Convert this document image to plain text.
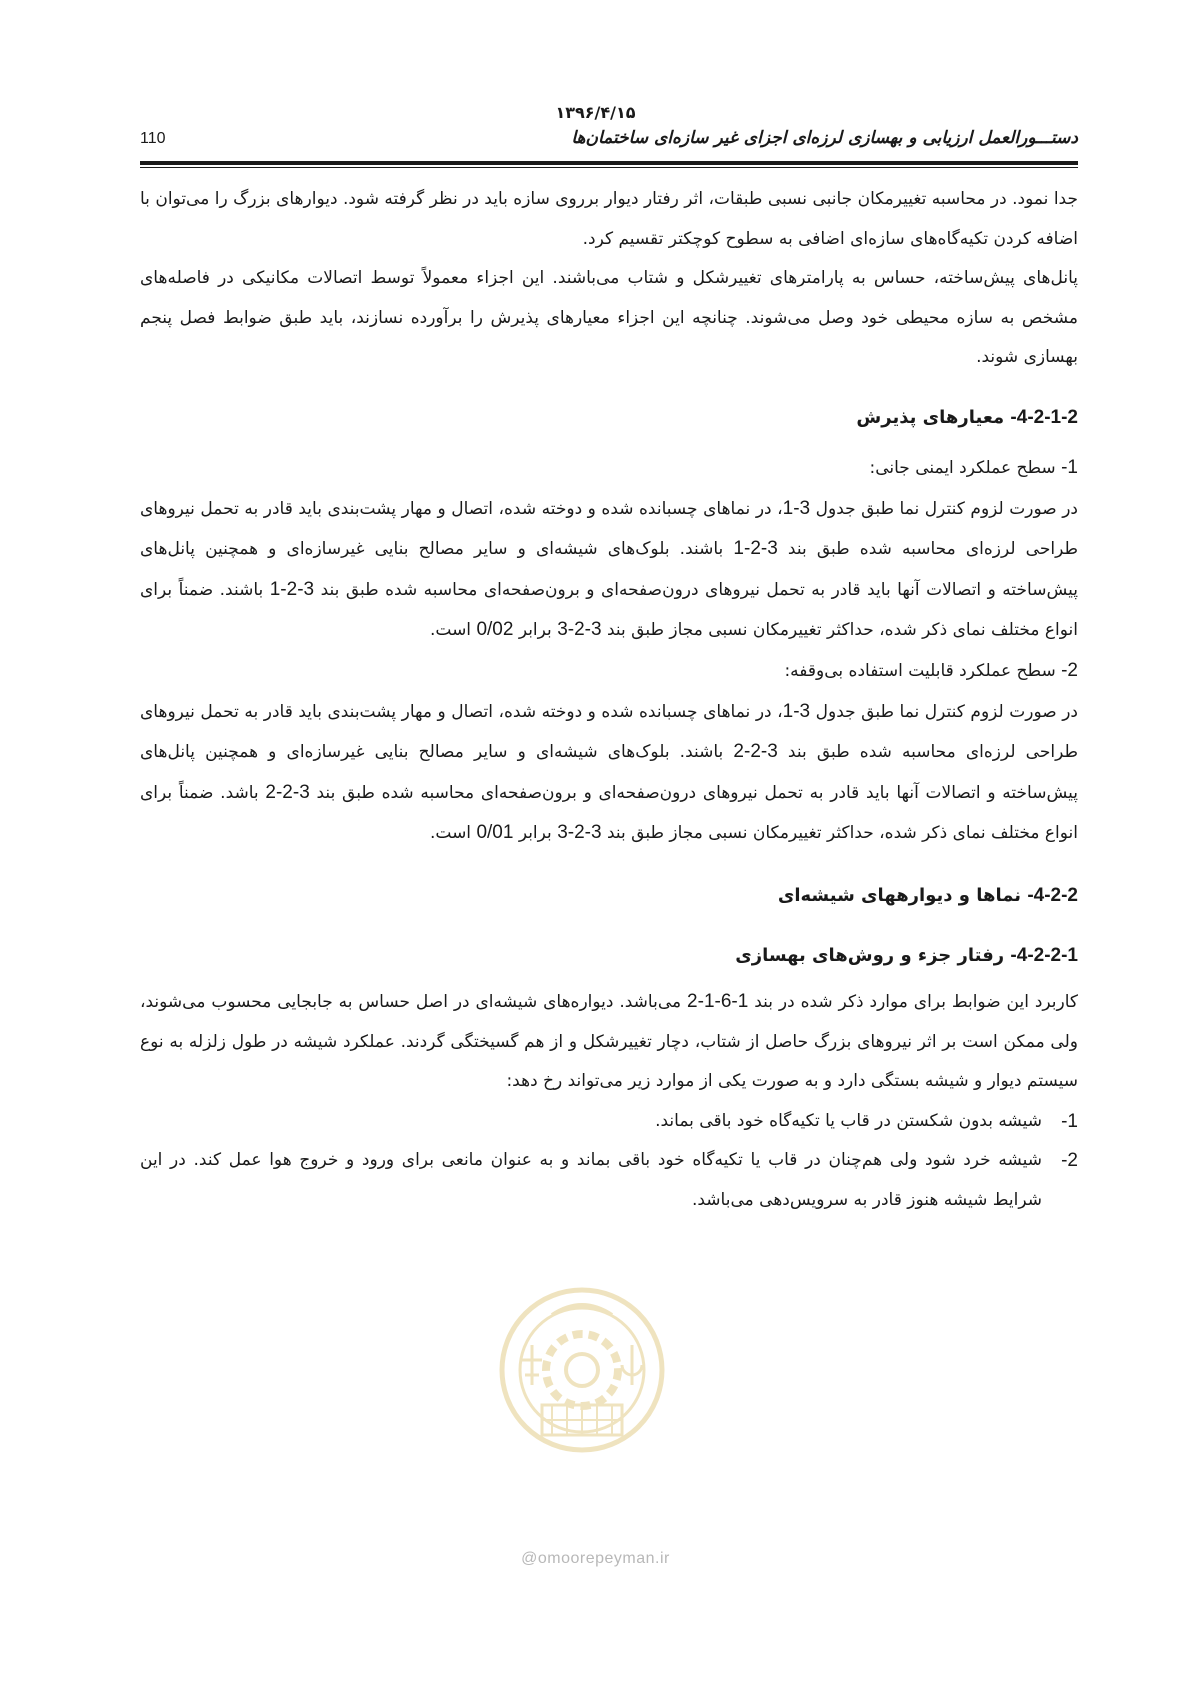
۱۳۹۶/۴/۱۵
دستـــورالعمل ارزیابی و بهسازی لرزه‌ای اجزای غیر سازه‌ای ساختمان‌ها
110

جدا نمود. در محاسبه تغییرمکان جانبی نسبی طبقات، اثر رفتار دیوار برروی سازه باید در نظر گرفته شود. دیوارهای بزرگ را می‌توان با اضافه کردن تکیه‌گاه‌های سازه‌ای اضافی به سطوح کوچکتر تقسیم کرد.

پانل‌های پیش‌ساخته، حساس به پارامترهای تغییرشکل و شتاب می‌باشند. این اجزاء معمولاً توسط اتصالات مکانیکی در فاصله‌های مشخص به سازه محیطی خود وصل می‌شوند. چنانچه این اجزاء معیارهای پذیرش را برآورده نسازند، باید طبق ضوابط فصل پنجم بهسازی شوند.

4-2-1-2- معیارهای پذیرش

1- سطح عملکرد ایمنی جانی:

در صورت لزوم کنترل نما طبق جدول 3-1، در نماهای چسبانده شده و دوخته شده، اتصال و مهار پشت‌بندی باید قادر به تحمل نیروهای طراحی لرزه‌ای محاسبه شده طبق بند 3-2-1 باشند. بلوک‌های شیشه‌ای و سایر مصالح بنایی غیرسازه‌ای و همچنین پانل‌های پیش‌ساخته و اتصالات آنها باید قادر به تحمل نیروهای درون‌صفحه‌ای و برون‌صفحه‌ای محاسبه شده طبق بند 3-2-1 باشند. ضمناً برای انواع مختلف نمای ذکر شده، حداکثر تغییرمکان نسبی مجاز طبق بند 3-2-3 برابر 0/02 است.

2- سطح عملکرد قابلیت استفاده بی‌وقفه:

در صورت لزوم کنترل نما طبق جدول 3-1، در نماهای چسبانده شده و دوخته شده، اتصال و مهار پشت‌بندی باید قادر به تحمل نیروهای طراحی لرزه‌ای محاسبه شده طبق بند 3-2-2 باشند. بلوک‌های شیشه‌ای و سایر مصالح بنایی غیرسازه‌ای و همچنین پانل‌های پیش‌ساخته و اتصالات آنها باید قادر به تحمل نیروهای درون‌صفحه‌ای و برون‌صفحه‌ای محاسبه شده طبق بند 3-2-2 باشد. ضمناً برای انواع مختلف نمای ذکر شده، حداکثر تغییرمکان نسبی مجاز طبق بند 3-2-3 برابر 0/01 است.

4-2-2- نماها و دیوارههای شیشه‌ای

4-2-2-1- رفتار جزء و روش‌های بهسازی

کاربرد این ضوابط برای موارد ذکر شده در بند 1-6-1-2 می‌باشد. دیواره‌های شیشه‌ای در اصل حساس به جابجایی محسوب می‌شوند، ولی ممکن است بر اثر نیروهای بزرگ حاصل از شتاب، دچار تغییرشکل و از هم گسیختگی گردند. عملکرد شیشه در طول زلزله به نوع سیستم دیوار و شیشه بستگی دارد و به صورت یکی از موارد زیر می‌تواند رخ دهد:

1-
شیشه بدون شکستن در قاب یا تکیه‌گاه خود باقی بماند.
2-
شیشه خرد شود ولی هم‌چنان در قاب یا تکیه‌گاه خود باقی بماند و به عنوان مانعی برای ورود و خروج هوا عمل کند. در این شرایط شیشه هنوز قادر به سرویس‌دهی می‌باشد.
@omoorepeyman.ir
